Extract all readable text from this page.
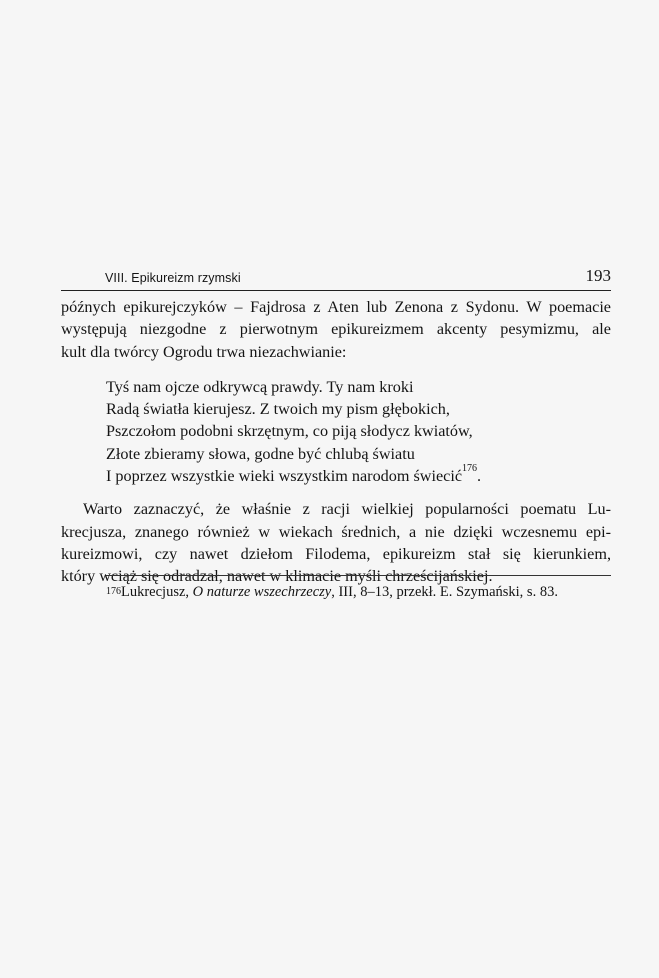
VIII. Epikureizm rzymski	193
późnych epikurejczyków – Fajdrosa z Aten lub Zenona z Sydonu. W poemacie
występują niezgodne z pierwotnym epikureizmem akcenty pesymizmu, ale
kult dla twórcy Ogrodu trwa niezachwianie:
Tyś nam ojcze odkrywcą prawdy. Ty nam kroki
Radą światła kierujesz. Z twoich my pism głębokich,
Pszczołom podobni skrzętnym, co piją słodycz kwiatów,
Złote zbieramy słowa, godne być chlubą światu
I poprzez wszystkie wieki wszystkim narodom świecić$^{176}$.
Warto zaznaczyć, że właśnie z racji wielkiej popularności poematu Lu-
krecjusza, znanego również w wiekach średnich, a nie dzięki wczesnemu epi-
kureizmowi, czy nawet dziełom Filodema, epikureizm stał się kierunkiem,
który wciąż się odradzał, nawet w klimacie myśli chrześcijańskiej.
$^{176}$Lukrecjusz, O naturze wszechrzeczy, III, 8–13, przekł. E. Szymański, s. 83.
